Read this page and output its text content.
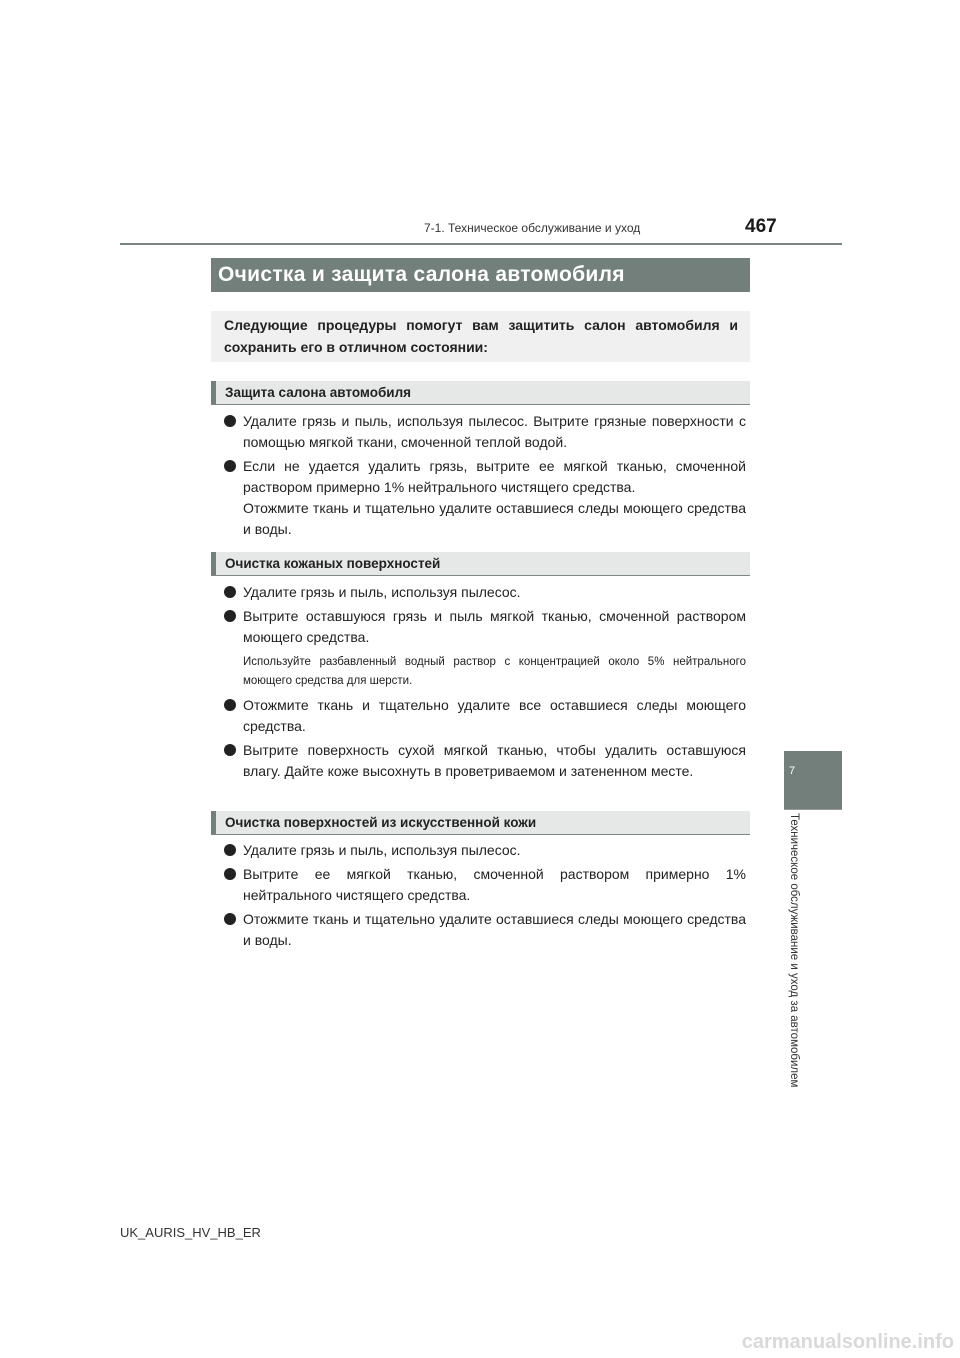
7-1. Техническое обслуживание и уход	467
7
Техническое обслуживание и уход за автомобилем
Очистка и защита салона автомобиля
Следующие процедуры помогут вам защитить салон автомобиля и сохранить его в отличном состоянии:
Защита салона автомобиля
Удалите грязь и пыль, используя пылесос. Вытрите грязные поверхности с помощью мягкой ткани, смоченной теплой водой.
Если не удается удалить грязь, вытрите ее мягкой тканью, смоченной раствором примерно 1% нейтрального чистящего средства.
Отожмите ткань и тщательно удалите оставшиеся следы моющего средства и воды.
Очистка кожаных поверхностей
Удалите грязь и пыль, используя пылесос.
Вытрите оставшуюся грязь и пыль мягкой тканью, смоченной раствором моющего средства.
Используйте разбавленный водный раствор с концентрацией около 5% нейтрального моющего средства для шерсти.
Отожмите ткань и тщательно удалите все оставшиеся следы моющего средства.
Вытрите поверхность сухой мягкой тканью, чтобы удалить оставшуюся влагу. Дайте коже высохнуть в проветриваемом и затененном месте.
Очистка поверхностей из искусственной кожи
Удалите грязь и пыль, используя пылесос.
Вытрите ее мягкой тканью, смоченной раствором примерно 1% нейтрального чистящего средства.
Отожмите ткань и тщательно удалите оставшиеся следы моющего средства и воды.
UK_AURIS_HV_HB_ER
carmanualsonline.info
